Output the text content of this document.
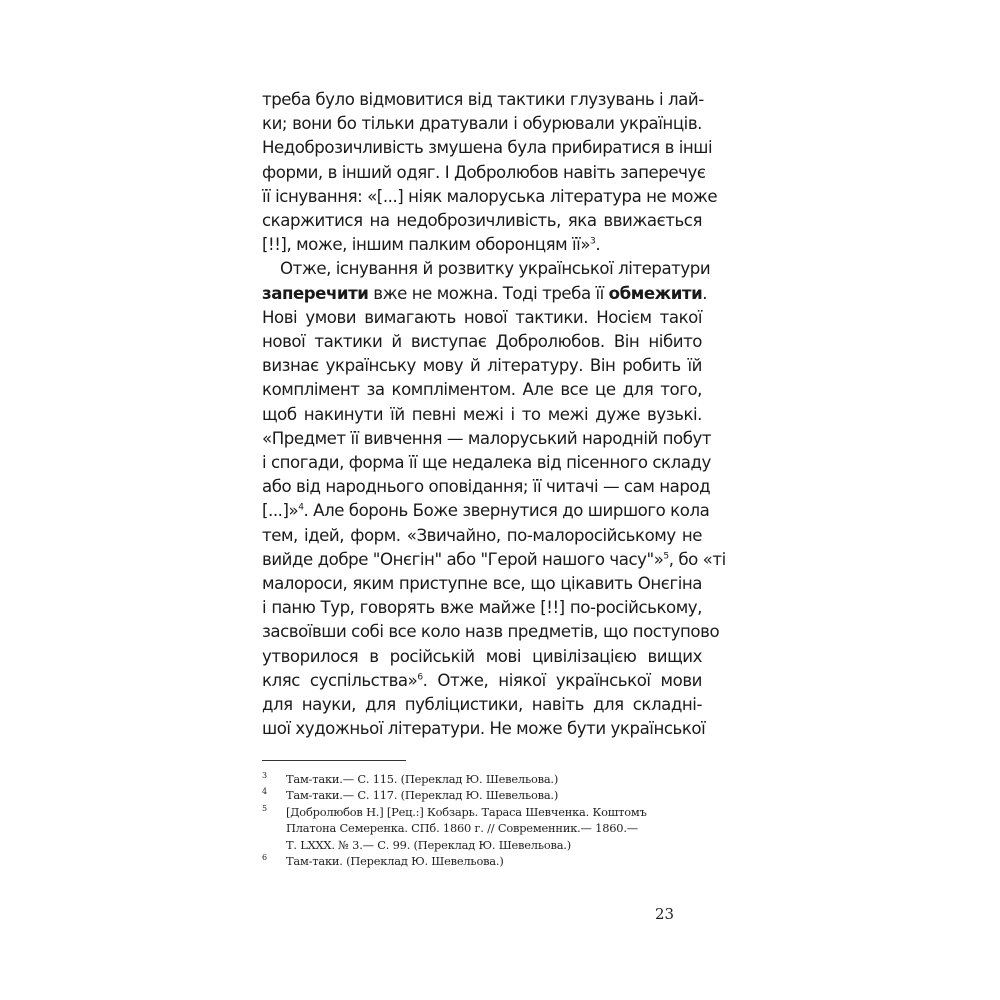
треба було відмовитися від тактики глузувань і лай-
ки; вони бо тільки дратували і обурювали українців.
Недоброзичливість змушена була прибиратися в інші
форми, в інший одяг. І Добролюбов навіть заперечує
її існування: «[...] ніяк малоруська література не може
скаржитися на недоброзичливість, яка ввижається
[!!], може, іншим палким оборонцям її»$^3$.

Отже, існування й розвитку української літератури
заперечити вже не можна. Тоді треба її обмежити.
Нові умови вимагають нової тактики. Носієм такої
нової тактики й виступає Добролюбов. Він нібито
визнає українську мову й літературу. Він робить їй
комплімент за компліментом. Але все це для того,
щоб накинути їй певні межі і то межі дуже вузькі.
«Предмет її вивчення — малоруський народній побут
і спогади, форма її ще недалека від пісенного складу
або від народнього оповідання; її читачі — сам народ
[...]»$^4$. Але боронь Боже звернутися до ширшого кола
тем, ідей, форм. «Звичайно, по-малоросійському не
вийде добре "Онєгін" або "Герой нашого часу"»$^5$, бо «ті
малороси, яким приступне все, що цікавить Онєгіна
і паню Тур, говорять вже майже [!!] по-російському,
засвоївши собі все коло назв предметів, що поступово
утворилося в російській мові цивілізацією вищих
кляс суспільства»$^6$. Отже, ніякої української мови
для науки, для публіцистики, навіть для складні-
шої художньої літератури. Не може бути української

3 Там-таки.— С. 115. (Переклад Ю. Шевельова.)
4 Там-таки.— С. 117. (Переклад Ю. Шевельова.)
5 [Добролюбов Н.] [Рец.:] Кобзарь. Тараса Шевченка. Коштомъ
Платона Семеренка. СПб. 1860 г. // Современник.— 1860.—
Т. LXXX. № 3.— С. 99. (Переклад Ю. Шевельова.)
6 Там-таки. (Переклад Ю. Шевельова.)
23
